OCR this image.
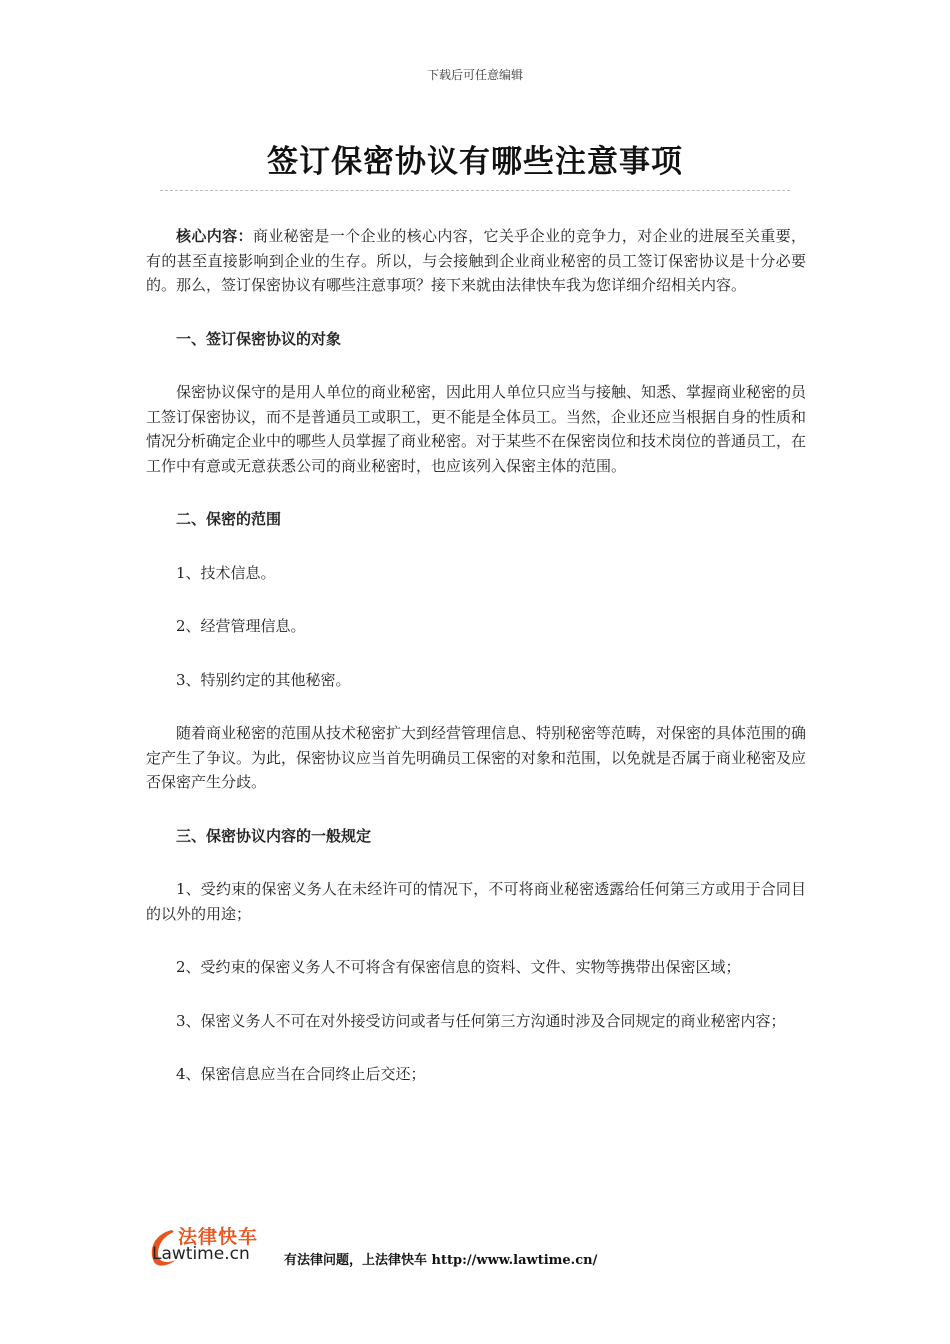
下载后可任意编辑
签订保密协议有哪些注意事项

核心内容：商业秘密是一个企业的核心内容，它关乎企业的竞争力，对企业的进展至关重要，有的甚至直接影响到企业的生存。所以，与会接触到企业商业秘密的员工签订保密协议是十分必要的。那么，签订保密协议有哪些注意事项？接下来就由法律快车我为您详细介绍相关内容。

一、签订保密协议的对象

保密协议保守的是用人单位的商业秘密，因此用人单位只应当与接触、知悉、掌握商业秘密的员工签订保密协议，而不是普通员工或职工，更不能是全体员工。当然，企业还应当根据自身的性质和情况分析确定企业中的哪些人员掌握了商业秘密。对于某些不在保密岗位和技术岗位的普通员工，在工作中有意或无意获悉公司的商业秘密时，也应该列入保密主体的范围。

二、保密的范围

1、技术信息。

2、经营管理信息。

3、特别约定的其他秘密。

随着商业秘密的范围从技术秘密扩大到经营管理信息、特别秘密等范畴，对保密的具体范围的确定产生了争议。为此，保密协议应当首先明确员工保密的对象和范围，以免就是否属于商业秘密及应否保密产生分歧。

三、保密协议内容的一般规定

1、受约束的保密义务人在未经许可的情况下，不可将商业秘密透露给任何第三方或用于合同目的以外的用途；

2、受约束的保密义务人不可将含有保密信息的资料、文件、实物等携带出保密区域；

3、保密义务人不可在对外接受访问或者与任何第三方沟通时涉及合同规定的商业秘密内容；

4、保密信息应当在合同终止后交还；

法律快车
Lawtime.cn	有法律问题，上法律快车 http://www.lawtime.cn/
